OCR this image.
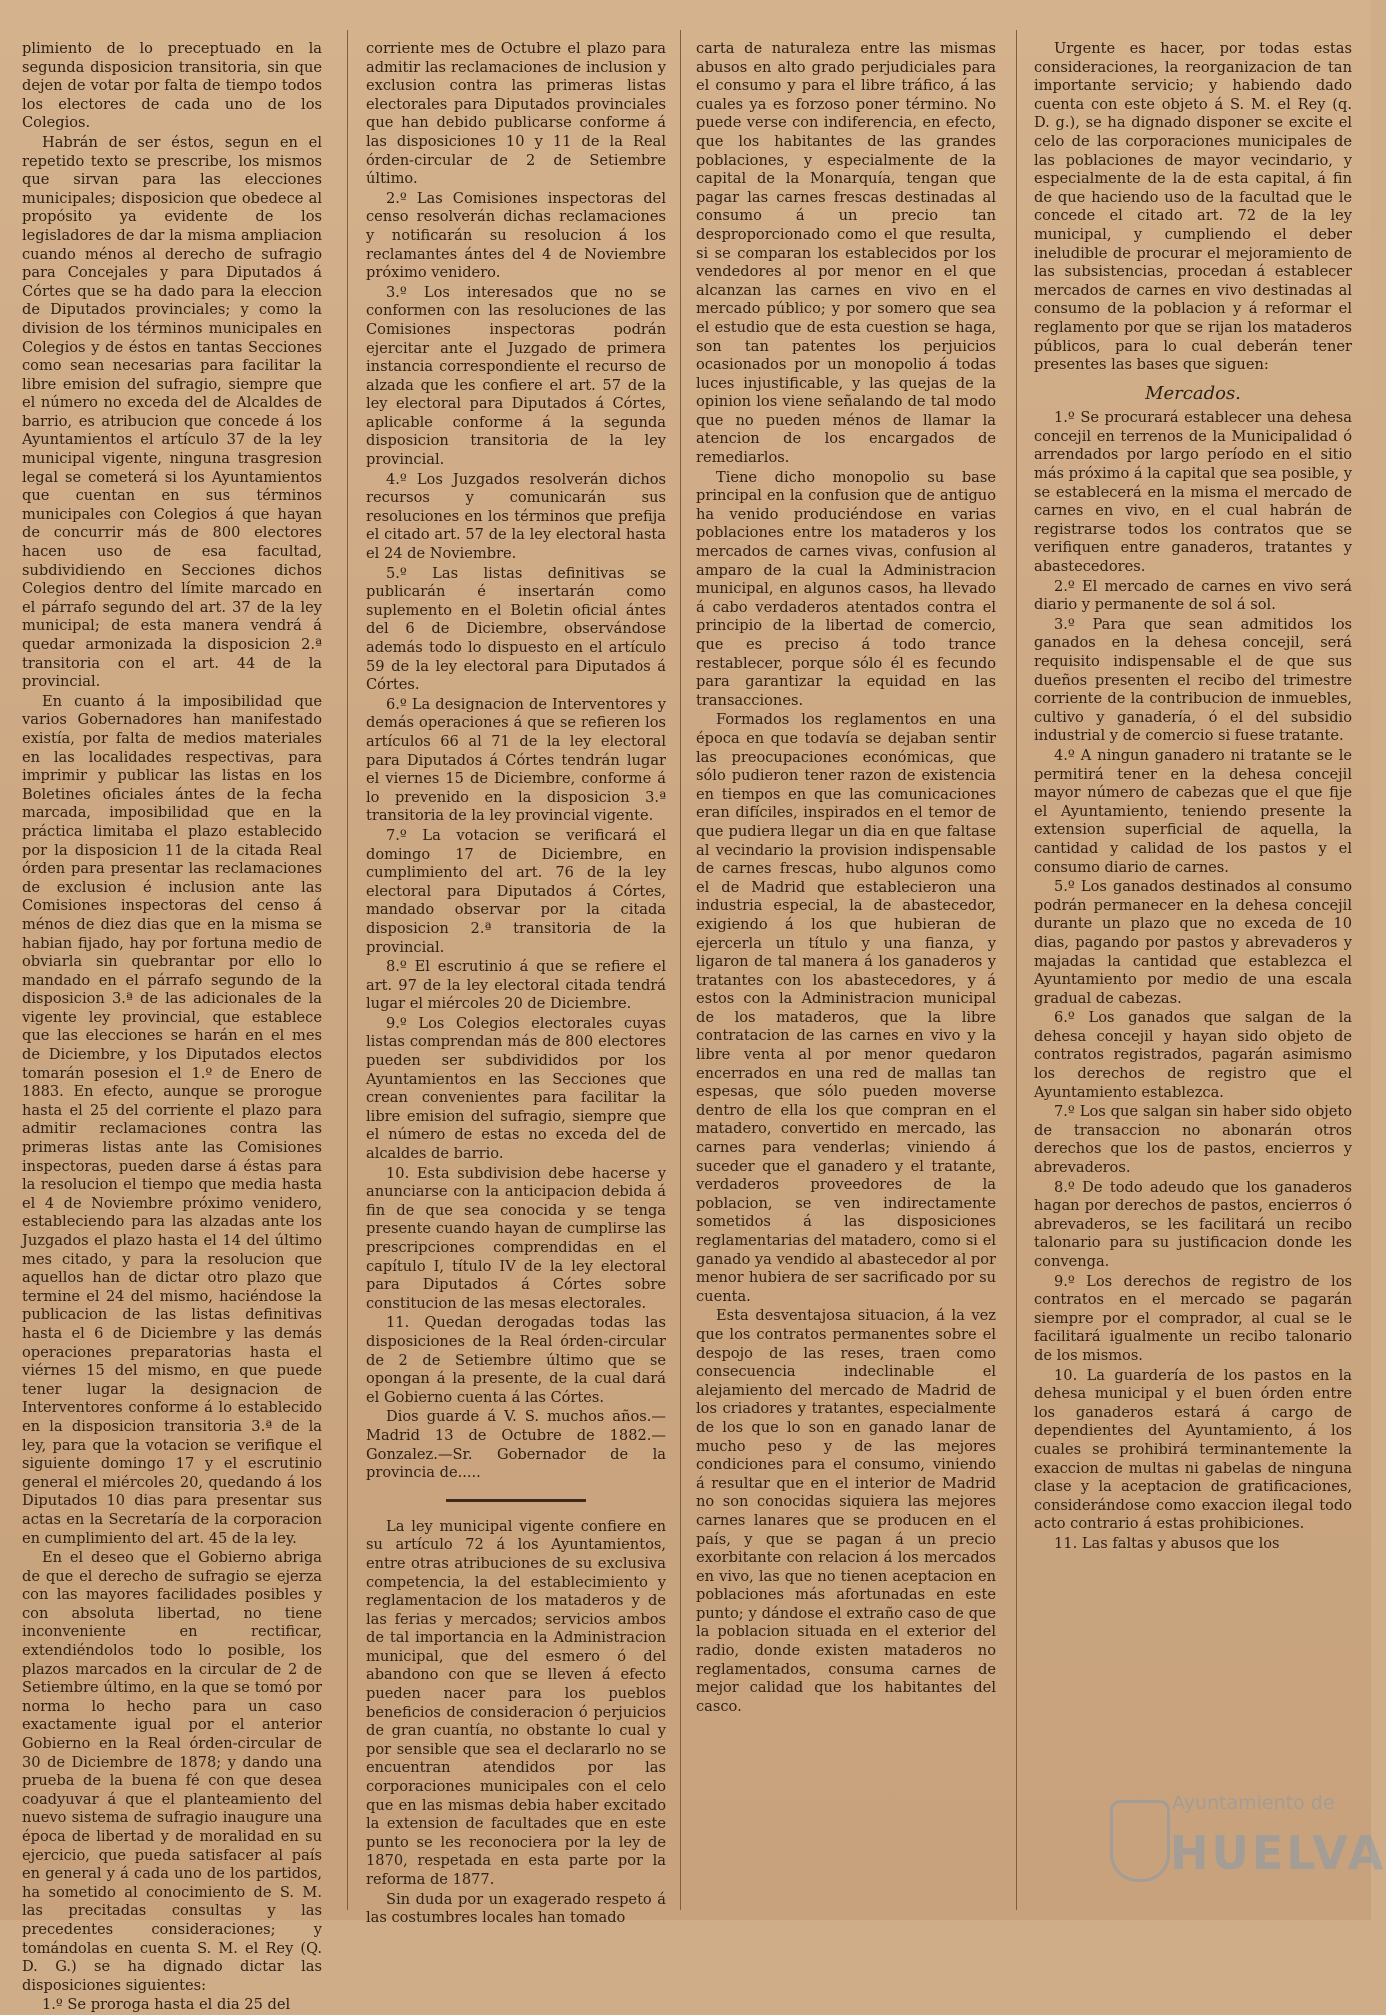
plimiento de lo preceptuado en la segunda disposicion transitoria, sin que dejen de votar por falta de tiempo todos los electores de cada uno de los Colegios.

Habrán de ser éstos, segun en el repetido texto se prescribe, los mismos que sirvan para las elecciones municipales; disposicion que obedece al propósito ya evidente de los legisladores de dar la misma ampliacion cuando ménos al derecho de sufragio para Concejales y para Diputados á Córtes que se ha dado para la eleccion de Diputados provinciales; y como la division de los términos municipales en Colegios y de éstos en tantas Secciones como sean necesarias para facilitar la libre emision del sufragio, siempre que el número no exceda del de Alcaldes de barrio, es atribucion que concede á los Ayuntamientos el artículo 37 de la ley municipal vigente, ninguna trasgresion legal se cometerá si los Ayuntamientos que cuentan en sus términos municipales con Colegios á que hayan de concurrir más de 800 electores hacen uso de esa facultad, subdividiendo en Secciones dichos Colegios dentro del límite marcado en el párrafo segundo del art. 37 de la ley municipal; de esta manera vendrá á quedar armonizada la disposicion 2.ª transitoria con el art. 44 de la provincial.

En cuanto á la imposibilidad que varios Gobernadores han manifestado existía, por falta de medios materiales en las localidades respectivas, para imprimir y publicar las listas en los Boletines oficiales ántes de la fecha marcada, imposibilidad que en la práctica limitaba el plazo establecido por la disposicion 11 de la citada Real órden para presentar las reclamaciones de exclusion é inclusion ante las Comisiones inspectoras del censo á ménos de diez dias que en la misma se habian fijado, hay por fortuna medio de obviarla sin quebrantar por ello lo mandado en el párrafo segundo de la disposicion 3.ª de las adicionales de la vigente ley provincial, que establece que las elecciones se harán en el mes de Diciembre, y los Diputados electos tomarán posesion el 1.º de Enero de 1883. En efecto, aunque se prorogue hasta el 25 del corriente el plazo para admitir reclamaciones contra las primeras listas ante las Comisiones inspectoras, pueden darse á éstas para la resolucion el tiempo que media hasta el 4 de Noviembre próximo venidero, estableciendo para las alzadas ante los Juzgados el plazo hasta el 14 del último mes citado, y para la resolucion que aquellos han de dictar otro plazo que termine el 24 del mismo, haciéndose la publicacion de las listas definitivas hasta el 6 de Diciembre y las demás operaciones preparatorias hasta el viérnes 15 del mismo, en que puede tener lugar la designacion de Interventores conforme á lo establecido en la disposicion transitoria 3.ª de la ley, para que la votacion se verifique el siguiente domingo 17 y el escrutinio general el miércoles 20, quedando á los Diputados 10 dias para presentar sus actas en la Secretaría de la corporacion en cumplimiento del art. 45 de la ley.

En el deseo que el Gobierno abriga de que el derecho de sufragio se ejerza con las mayores facilidades posibles y con absoluta libertad, no tiene inconveniente en rectificar, extendiéndolos todo lo posible, los plazos marcados en la circular de 2 de Setiembre último, en la que se tomó por norma lo hecho para un caso exactamente igual por el anterior Gobierno en la Real órden-circular de 30 de Diciembre de 1878; y dando una prueba de la buena fé con que desea coadyuvar á que el planteamiento del nuevo sistema de sufragio inaugure una época de libertad y de moralidad en su ejercicio, que pueda satisfacer al país en general y á cada uno de los partidos, ha sometido al conocimiento de S. M. las precitadas consultas y las precedentes consideraciones; y tomándolas en cuenta S. M. el Rey (Q. D. G.) se ha dignado dictar las disposiciones siguientes:

1.º Se proroga hasta el dia 25 del

corriente mes de Octubre el plazo para admitir las reclamaciones de inclusion y exclusion contra las primeras listas electorales para Diputados provinciales que han debido publicarse conforme á las disposiciones 10 y 11 de la Real órden-circular de 2 de Setiembre último.

2.º Las Comisiones inspectoras del censo resolverán dichas reclamaciones y notificarán su resolucion á los reclamantes ántes del 4 de Noviembre próximo venidero.

3.º Los interesados que no se conformen con las resoluciones de las Comisiones inspectoras podrán ejercitar ante el Juzgado de primera instancia correspondiente el recurso de alzada que les confiere el art. 57 de la ley electoral para Diputados á Córtes, aplicable conforme á la segunda disposicion transitoria de la ley provincial.

4.º Los Juzgados resolverán dichos recursos y comunicarán sus resoluciones en los términos que prefija el citado art. 57 de la ley electoral hasta el 24 de Noviembre.

5.º Las listas definitivas se publicarán é insertarán como suplemento en el Boletin oficial ántes del 6 de Diciembre, observándose además todo lo dispuesto en el artículo 59 de la ley electoral para Diputados á Córtes.

6.º La designacion de Interventores y demás operaciones á que se refieren los artículos 66 al 71 de la ley electoral para Diputados á Córtes tendrán lugar el viernes 15 de Diciembre, conforme á lo prevenido en la disposicion 3.ª transitoria de la ley provincial vigente.

7.º La votacion se verificará el domingo 17 de Diciembre, en cumplimiento del art. 76 de la ley electoral para Diputados á Córtes, mandado observar por la citada disposicion 2.ª transitoria de la provincial.

8.º El escrutinio á que se refiere el art. 97 de la ley electoral citada tendrá lugar el miércoles 20 de Diciembre.

9.º Los Colegios electorales cuyas listas comprendan más de 800 electores pueden ser subdivididos por los Ayuntamientos en las Secciones que crean convenientes para facilitar la libre emision del sufragio, siempre que el número de estas no exceda del de alcaldes de barrio.

10. Esta subdivision debe hacerse y anunciarse con la anticipacion debida á fin de que sea conocida y se tenga presente cuando hayan de cumplirse las prescripciones comprendidas en el capítulo I, título IV de la ley electoral para Diputados á Córtes sobre constitucion de las mesas electorales.

11. Quedan derogadas todas las disposiciones de la Real órden-circular de 2 de Setiembre último que se opongan á la presente, de la cual dará el Gobierno cuenta á las Córtes.

Dios guarde á V. S. muchos años.— Madrid 13 de Octubre de 1882.—Gonzalez.—Sr. Gobernador de la provincia de.....

La ley municipal vigente confiere en su artículo 72 á los Ayuntamientos, entre otras atribuciones de su exclusiva competencia, la del establecimiento y reglamentacion de los mataderos y de las ferias y mercados; servicios ambos de tal importancia en la Administracion municipal, que del esmero ó del abandono con que se lleven á efecto pueden nacer para los pueblos beneficios de consideracion ó perjuicios de gran cuantía, no obstante lo cual y por sensible que sea el declararlo no se encuentran atendidos por las corporaciones municipales con el celo que en las mismas debia haber excitado la extension de facultades que en este punto se les reconociera por la ley de 1870, respetada en esta parte por la reforma de 1877.

Sin duda por un exagerado respeto á las costumbres locales han tomado

carta de naturaleza entre las mismas abusos en alto grado perjudiciales para el consumo y para el libre tráfico, á las cuales ya es forzoso poner término. No puede verse con indiferencia, en efecto, que los habitantes de las grandes poblaciones, y especialmente de la capital de la Monarquía, tengan que pagar las carnes frescas destinadas al consumo á un precio tan desproporcionado como el que resulta, si se comparan los establecidos por los vendedores al por menor en el que alcanzan las carnes en vivo en el mercado público; y por somero que sea el estudio que de esta cuestion se haga, son tan patentes los perjuicios ocasionados por un monopolio á todas luces injustificable, y las quejas de la opinion los viene señalando de tal modo que no pueden ménos de llamar la atencion de los encargados de remediarlos.

Tiene dicho monopolio su base principal en la confusion que de antiguo ha venido produciéndose en varias poblaciones entre los mataderos y los mercados de carnes vivas, confusion al amparo de la cual la Administracion municipal, en algunos casos, ha llevado á cabo verdaderos atentados contra el principio de la libertad de comercio, que es preciso á todo trance restablecer, porque sólo él es fecundo para garantizar la equidad en las transacciones.

Formados los reglamentos en una época en que todavía se dejaban sentir las preocupaciones económicas, que sólo pudieron tener razon de existencia en tiempos en que las comunicaciones eran difíciles, inspirados en el temor de que pudiera llegar un dia en que faltase al vecindario la provision indispensable de carnes frescas, hubo algunos como el de Madrid que establecieron una industria especial, la de abastecedor, exigiendo á los que hubieran de ejercerla un título y una fianza, y ligaron de tal manera á los ganaderos y tratantes con los abastecedores, y á estos con la Administracion municipal de los mataderos, que la libre contratacion de las carnes en vivo y la libre venta al por menor quedaron encerrados en una red de mallas tan espesas, que sólo pueden moverse dentro de ella los que compran en el matadero, convertido en mercado, las carnes para venderlas; viniendo á suceder que el ganadero y el tratante, verdaderos proveedores de la poblacion, se ven indirectamente sometidos á las disposiciones reglamentarias del matadero, como si el ganado ya vendido al abastecedor al por menor hubiera de ser sacrificado por su cuenta.

Esta desventajosa situacion, á la vez que los contratos permanentes sobre el despojo de las reses, traen como consecuencia indeclinable el alejamiento del mercado de Madrid de los criadores y tratantes, especialmente de los que lo son en ganado lanar de mucho peso y de las mejores condiciones para el consumo, viniendo á resultar que en el interior de Madrid no son conocidas siquiera las mejores carnes lanares que se producen en el país, y que se pagan á un precio exorbitante con relacion á los mercados en vivo, las que no tienen aceptacion en poblaciones más afortunadas en este punto; y dándose el extraño caso de que la poblacion situada en el exterior del radio, donde existen mataderos no reglamentados, consuma carnes de mejor calidad que los habitantes del casco.

Urgente es hacer, por todas estas consideraciones, la reorganizacion de tan importante servicio; y habiendo dado cuenta con este objeto á S. M. el Rey (q. D. g.), se ha dignado disponer se excite el celo de las corporaciones municipales de las poblaciones de mayor vecindario, y especialmente de la de esta capital, á fin de que haciendo uso de la facultad que le concede el citado art. 72 de la ley municipal, y cumpliendo el deber ineludible de procurar el mejoramiento de las subsistencias, procedan á establecer mercados de carnes en vivo destinadas al consumo de la poblacion y á reformar el reglamento por que se rijan los mataderos públicos, para lo cual deberán tener presentes las bases que siguen:

Mercados.

1.º Se procurará establecer una dehesa concejil en terrenos de la Municipalidad ó arrendados por largo período en el sitio más próximo á la capital que sea posible, y se establecerá en la misma el mercado de carnes en vivo, en el cual habrán de registrarse todos los contratos que se verifiquen entre ganaderos, tratantes y abastecedores.

2.º El mercado de carnes en vivo será diario y permanente de sol á sol.

3.º Para que sean admitidos los ganados en la dehesa concejil, será requisito indispensable el de que sus dueños presenten el recibo del trimestre corriente de la contribucion de inmuebles, cultivo y ganadería, ó el del subsidio industrial y de comercio si fuese tratante.

4.º A ningun ganadero ni tratante se le permitirá tener en la dehesa concejil mayor número de cabezas que el que fije el Ayuntamiento, teniendo presente la extension superficial de aquella, la cantidad y calidad de los pastos y el consumo diario de carnes.

5.º Los ganados destinados al consumo podrán permanecer en la dehesa concejil durante un plazo que no exceda de 10 dias, pagando por pastos y abrevaderos y majadas la cantidad que establezca el Ayuntamiento por medio de una escala gradual de cabezas.

6.º Los ganados que salgan de la dehesa concejil y hayan sido objeto de contratos registrados, pagarán asimismo los derechos de registro que el Ayuntamiento establezca.

7.º Los que salgan sin haber sido objeto de transaccion no abonarán otros derechos que los de pastos, encierros y abrevaderos.

8.º De todo adeudo que los ganaderos hagan por derechos de pastos, encierros ó abrevaderos, se les facilitará un recibo talonario para su justificacion donde les convenga.

9.º Los derechos de registro de los contratos en el mercado se pagarán siempre por el comprador, al cual se le facilitará igualmente un recibo talonario de los mismos.

10. La guardería de los pastos en la dehesa municipal y el buen órden entre los ganaderos estará á cargo de dependientes del Ayuntamiento, á los cuales se prohibirá terminantemente la exaccion de multas ni gabelas de ninguna clase y la aceptacion de gratificaciones, considerándose como exaccion ilegal todo acto contrario á estas prohibiciones.

11. Las faltas y abusos que los

Ayuntamiento de
HUELVA
